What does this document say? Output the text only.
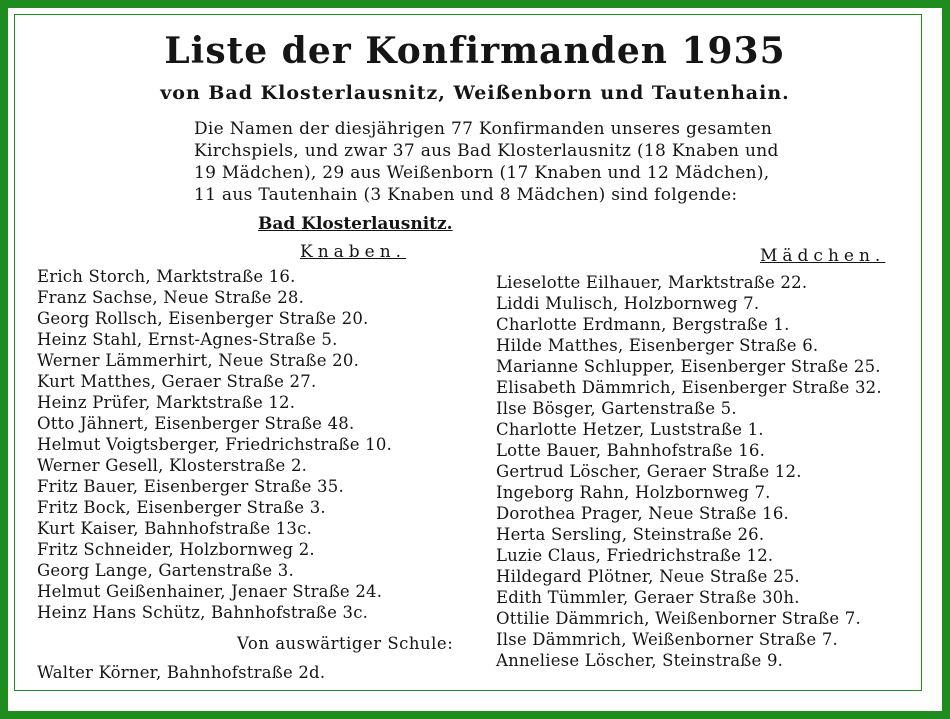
Liste der Konfirmanden 1935
von Bad Klosterlausnitz, Weißenborn und Tautenhain.
Die Namen der diesjährigen 77 Konfirmanden unseres gesamten
Kirchspiels, und zwar 37 aus Bad Klosterlausnitz (18 Knaben und
19 Mädchen), 29 aus Weißenborn (17 Knaben und 12 Mädchen),
11 aus Tautenhain (3 Knaben und 8 Mädchen) sind folgende:
Bad Klosterlausnitz.
Knaben.	Mädchen.
Erich Storch, Marktstraße 16.
Franz Sachse, Neue Straße 28.
Georg Rollsch, Eisenberger Straße 20.
Heinz Stahl, Ernst-Agnes-Straße 5.
Werner Lämmerhirt, Neue Straße 20.
Kurt Matthes, Geraer Straße 27.
Heinz Prüfer, Marktstraße 12.
Otto Jähnert, Eisenberger Straße 48.
Helmut Voigtsberger, Friedrichstraße 10.
Werner Gesell, Klosterstraße 2.
Fritz Bauer, Eisenberger Straße 35.
Fritz Bock, Eisenberger Straße 3.
Kurt Kaiser, Bahnhofstraße 13c.
Fritz Schneider, Holzbornweg 2.
Georg Lange, Gartenstraße 3.
Helmut Geißenhainer, Jenaer Straße 24.
Heinz Hans Schütz, Bahnhofstraße 3c.
Lieselotte Eilhauer, Marktstraße 22.
Liddi Mulisch, Holzbornweg 7.
Charlotte Erdmann, Bergstraße 1.
Hilde Matthes, Eisenberger Straße 6.
Marianne Schlupper, Eisenberger Straße 25.
Elisabeth Dämmrich, Eisenberger Straße 32.
Ilse Bösger, Gartenstraße 5.
Charlotte Hetzer, Luststraße 1.
Lotte Bauer, Bahnhofstraße 16.
Gertrud Löscher, Geraer Straße 12.
Ingeborg Rahn, Holzbornweg 7.
Dorothea Prager, Neue Straße 16.
Herta Sersling, Steinstraße 26.
Luzie Claus, Friedrichstraße 12.
Hildegard Plötner, Neue Straße 25.
Edith Tümmler, Geraer Straße 30h.
Ottilie Dämmrich, Weißenborner Straße 7.
Ilse Dämmrich, Weißenborner Straße 7.
Anneliese Löscher, Steinstraße 9.
Von auswärtiger Schule:
Walter Körner, Bahnhofstraße 2d.
